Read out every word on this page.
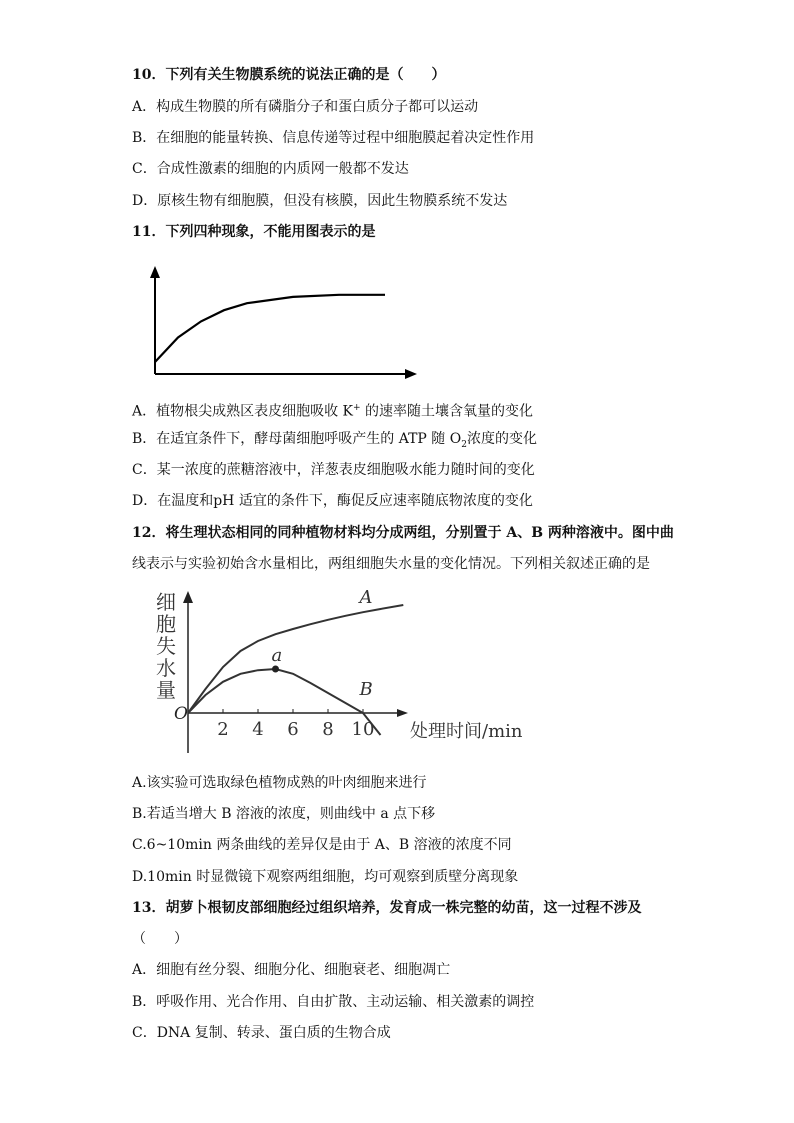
10．下列有关生物膜系统的说法正确的是（　　）
A．构成生物膜的所有磷脂分子和蛋白质分子都可以运动
B．在细胞的能量转换、信息传递等过程中细胞膜起着决定性作用
C．合成性激素的细胞的内质网一般都不发达
D．原核生物有细胞膜，但没有核膜，因此生物膜系统不发达
11．下列四种现象，不能用图表示的是
A．植物根尖成熟区表皮细胞吸收 K+ 的速率随土壤含氧量的变化
B．在适宜条件下，酵母菌细胞呼吸产生的 ATP 随 $O_2$浓度的变化
C．某一浓度的蔗糖溶液中，洋葱表皮细胞吸水能力随时间的变化
D．在温度和pH 适宜的条件下，酶促反应速率随底物浓度的变化
12．将生理状态相同的同种植物材料均分成两组，分别置于 A、B 两种溶液中。图中曲
线表示与实验初始含水量相比，两组细胞失水量的变化情况。下列相关叙述正确的是
细
胞
失
水
量
O
2 4 6 8 10 处理时间/min
A
B
a
A.该实验可选取绿色植物成熟的叶肉细胞来进行
B.若适当增大 B 溶液的浓度，则曲线中 a 点下移
C.6~10min 两条曲线的差异仅是由于 A、B 溶液的浓度不同
D.10min 时显微镜下观察两组细胞，均可观察到质壁分离现象
13．胡萝卜根韧皮部细胞经过组织培养，发育成一株完整的幼苗，这一过程不涉及
（　　）
A．细胞有丝分裂、细胞分化、细胞衰老、细胞凋亡
B．呼吸作用、光合作用、自由扩散、主动运输、相关激素的调控
C．DNA 复制、转录、蛋白质的生物合成
